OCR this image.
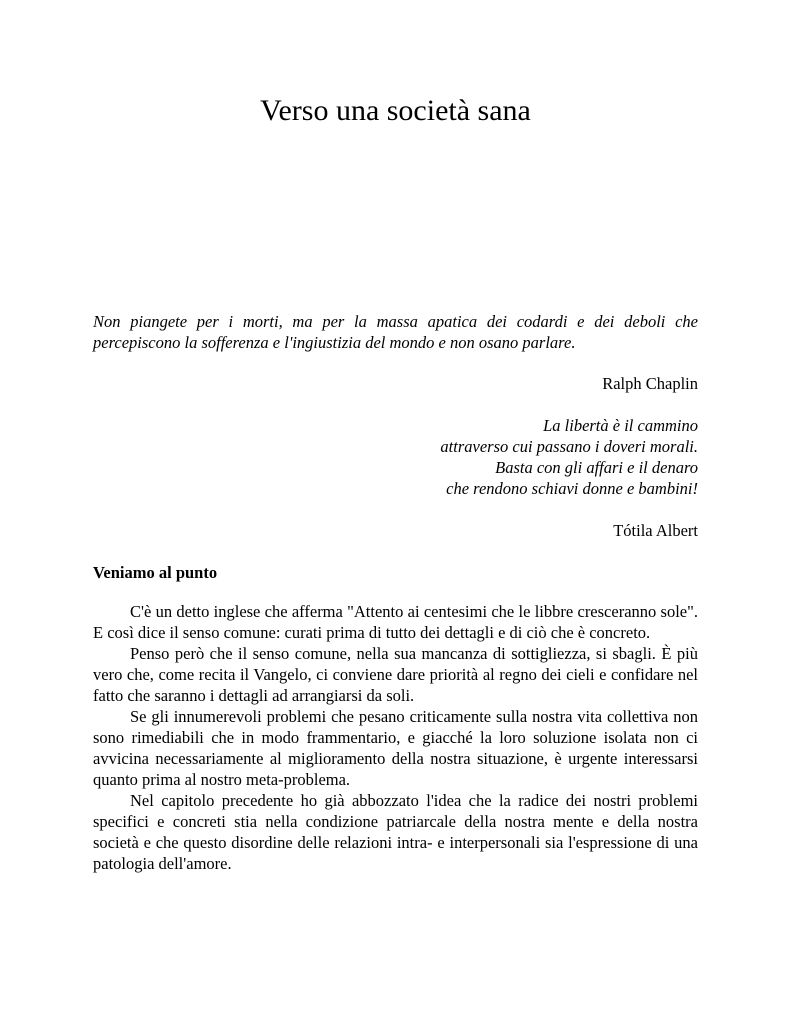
Verso una società sana

Non piangete per i morti, ma per la massa apatica dei codardi e dei deboli che percepiscono la sofferenza e l'ingiustizia del mondo e non osano parlare.

Ralph Chaplin

La libertà è il cammino
attraverso cui passano i doveri morali.
Basta con gli affari e il denaro
che rendono schiavi donne e bambini!

Tótila Albert

Veniamo al punto

C'è un detto inglese che afferma "Attento ai centesimi che le libbre cresceranno sole". E così dice il senso comune: curati prima di tutto dei dettagli e di ciò che è concreto.

Penso però che il senso comune, nella sua mancanza di sottigliezza, si sbagli. È più vero che, come recita il Vangelo, ci conviene dare priorità al regno dei cieli e confidare nel fatto che saranno i dettagli ad arrangiarsi da soli.

Se gli innumerevoli problemi che pesano criticamente sulla nostra vita collettiva non sono rimediabili che in modo frammentario, e giacché la loro soluzione isolata non ci avvicina necessariamente al miglioramento della nostra situazione, è urgente interessarsi quanto prima al nostro meta-problema.

Nel capitolo precedente ho già abbozzato l'idea che la radice dei nostri problemi specifici e concreti stia nella condizione patriarcale della nostra mente e della nostra società e che questo disordine delle relazioni intra- e interpersonali sia l'espressione di una patologia dell'amore.
